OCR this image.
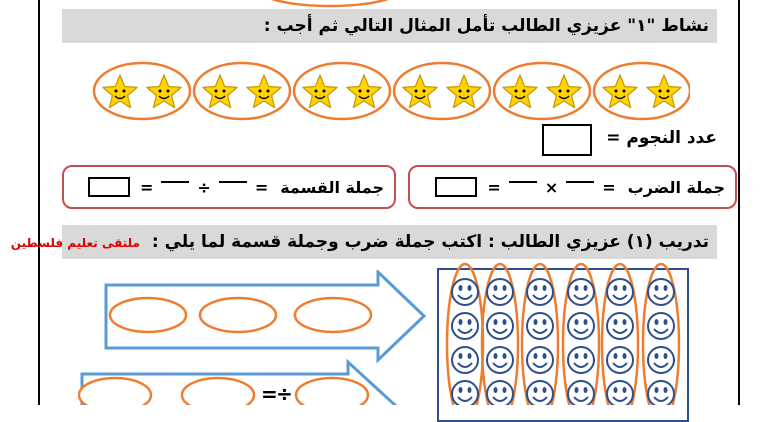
نشاط "١" عزيزي الطالب تأمل المثال التالي ثم أجب :
عدد النجوم =
=	÷	= جملة القسمة	=	×	= جملة الضرب
تدريب (١) عزيزي الطالب : اكتب جملة ضرب وجملة قسمة لما يلي : ملتقى تعليم فلسطين
÷
=
